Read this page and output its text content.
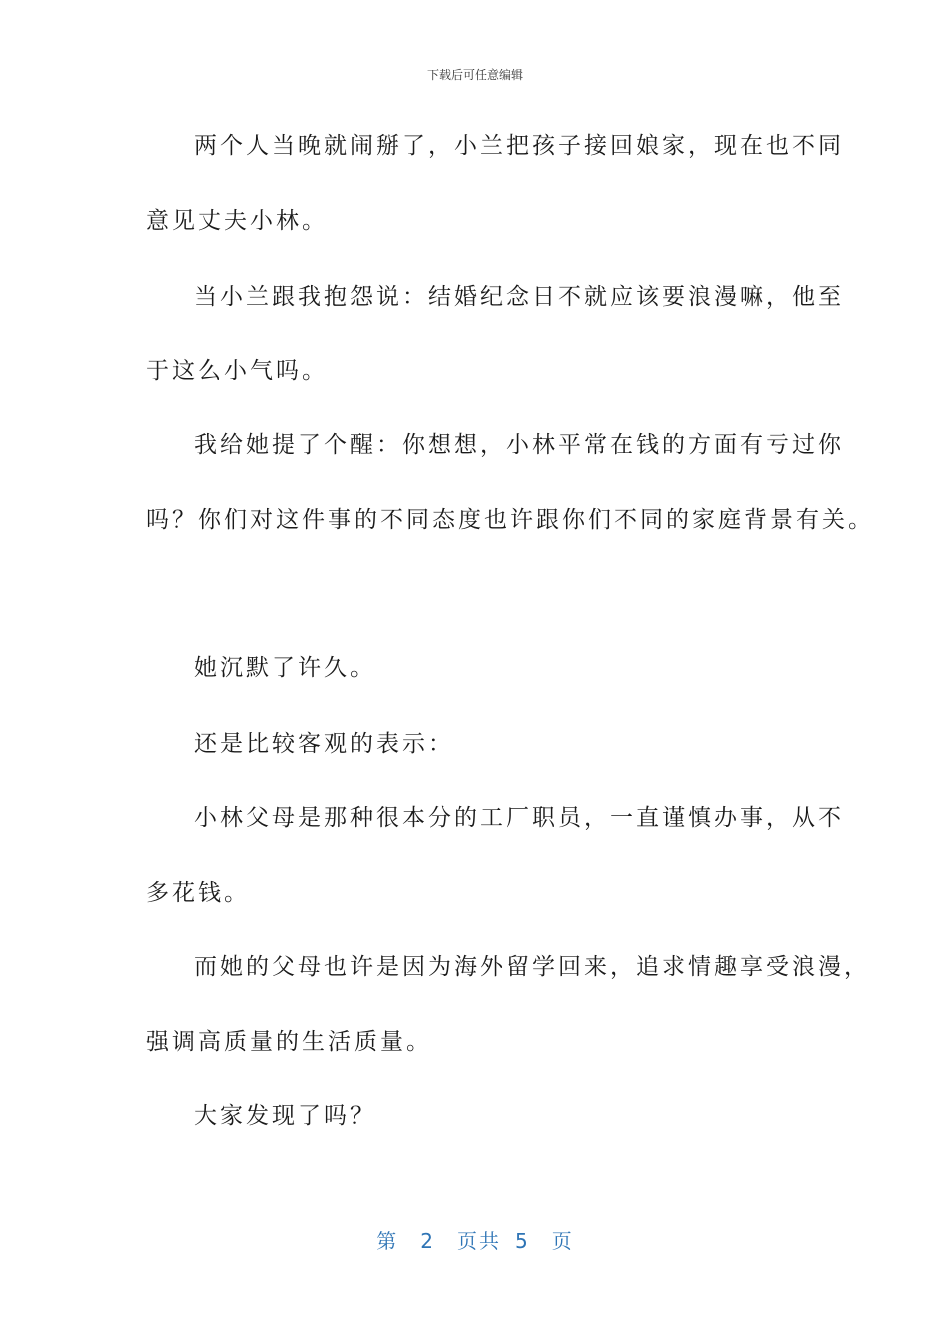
下载后可任意编辑
两个人当晚就闹掰了，小兰把孩子接回娘家，现在也不同
意见丈夫小林。
当小兰跟我抱怨说：结婚纪念日不就应该要浪漫嘛，他至
于这么小气吗。
我给她提了个醒：你想想，小林平常在钱的方面有亏过你
吗？你们对这件事的不同态度也许跟你们不同的家庭背景有关。
她沉默了许久。
还是比较客观的表示：
小林父母是那种很本分的工厂职员，一直谨慎办事，从不
多花钱。
而她的父母也许是因为海外留学回来，追求情趣享受浪漫，
强调高质量的生活质量。
大家发现了吗？
第 2 页共 5 页
